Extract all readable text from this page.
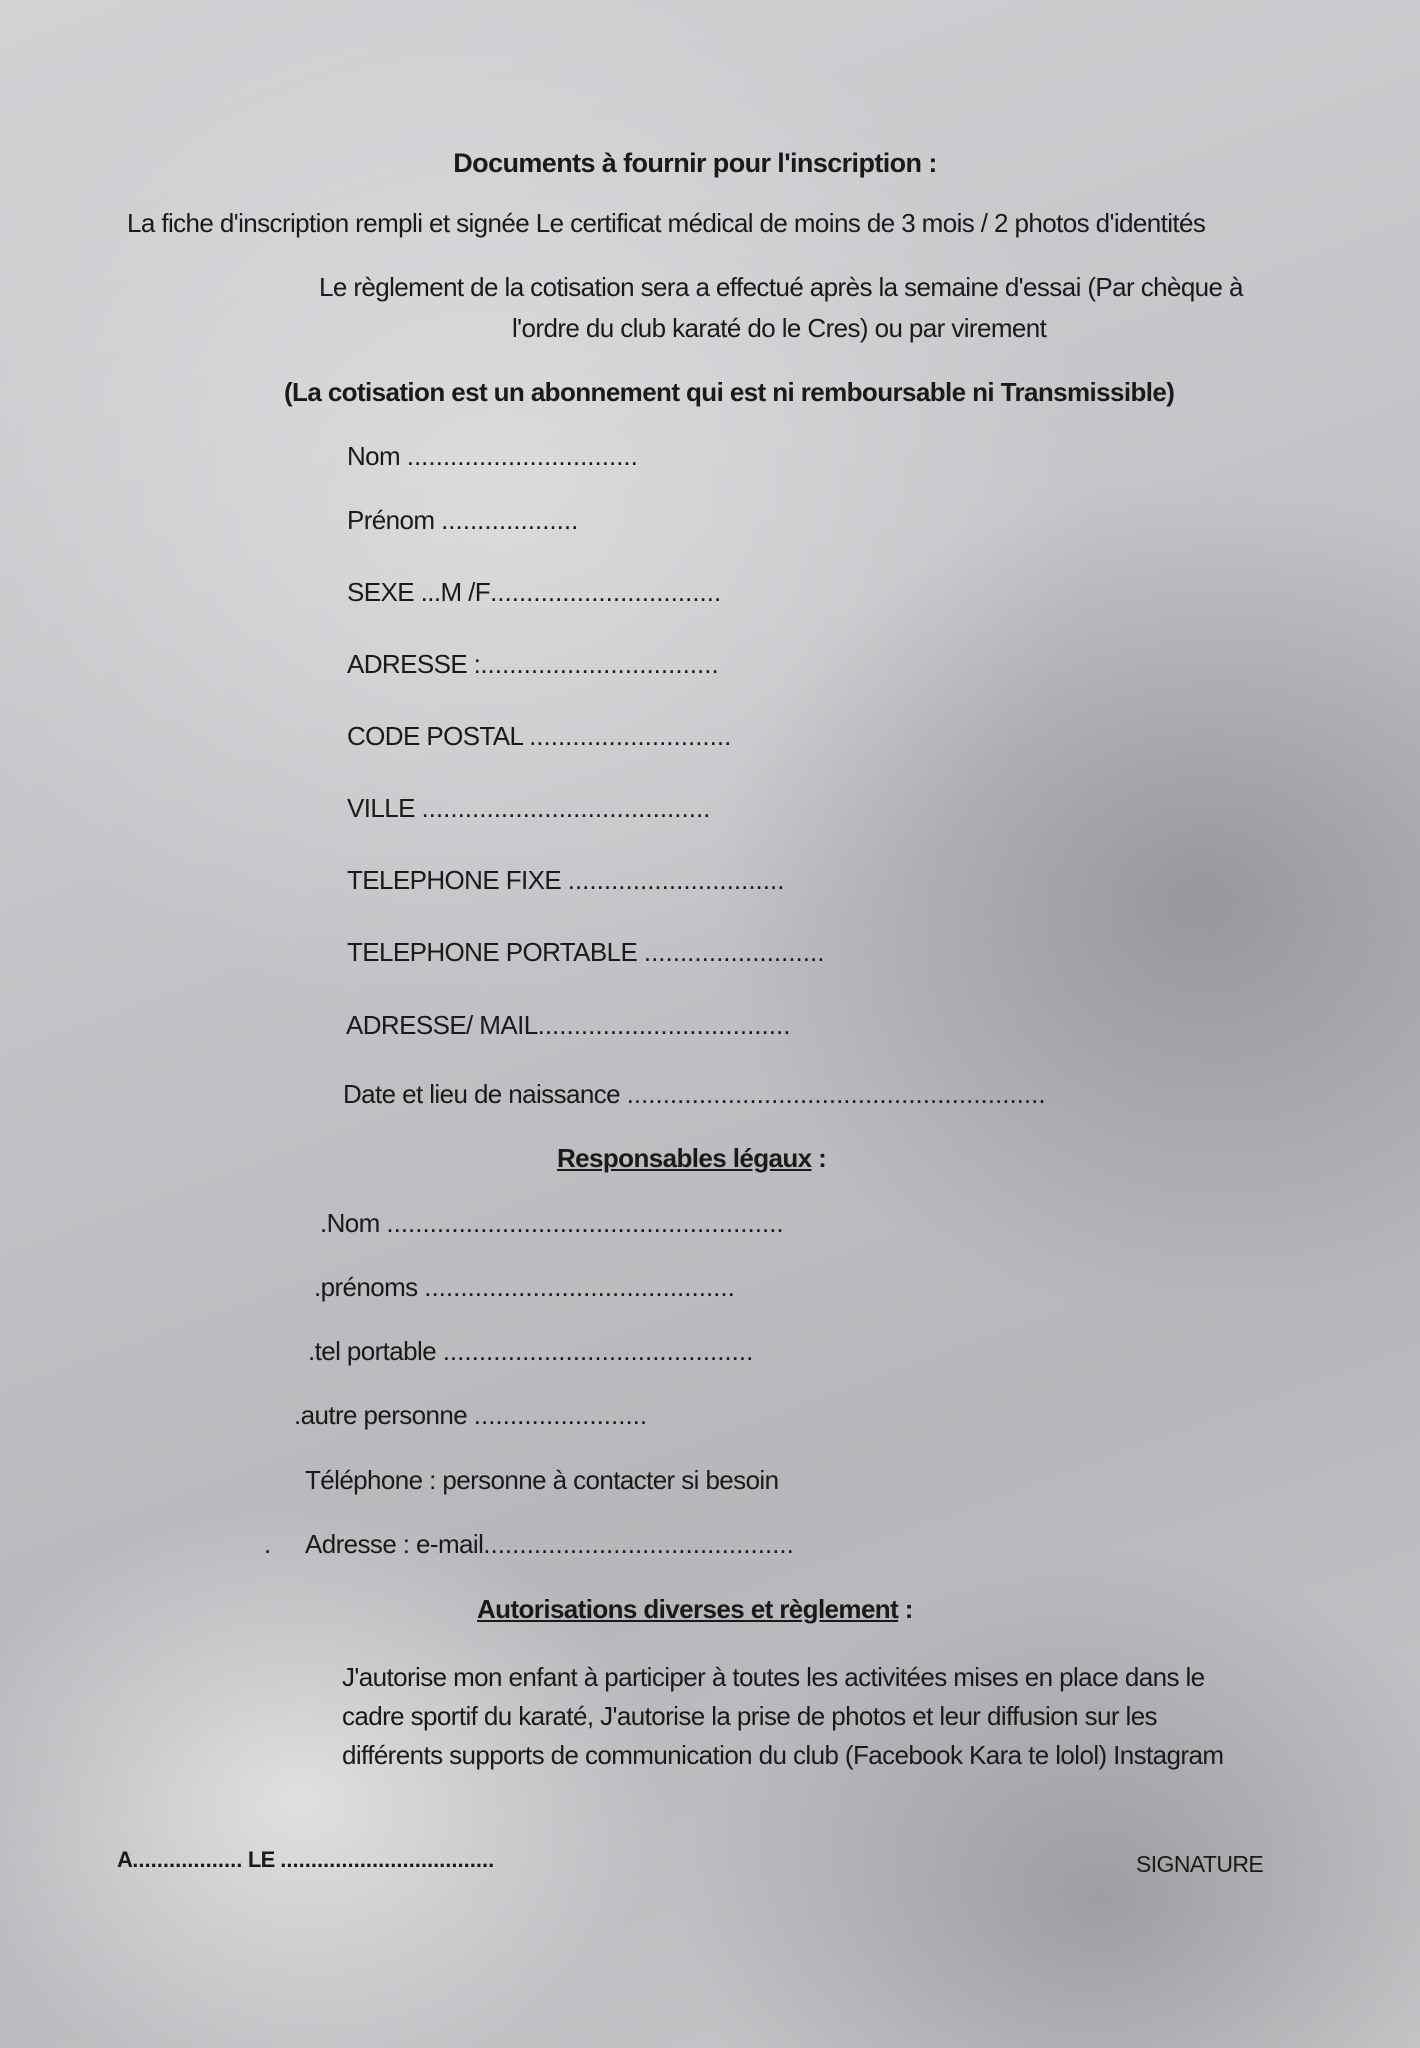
Documents à fournir pour l'inscription :
La fiche d'inscription rempli et signée Le certificat médical de moins de 3 mois / 2 photos d'identités
Le règlement de la cotisation sera a effectué après la semaine d'essai (Par chèque à
l'ordre du club karaté do le Cres) ou par virement
(La cotisation est un abonnement qui est ni remboursable ni Transmissible)
Nom ................................
Prénom ...................
SEXE ...M /F................................
ADRESSE :.................................
CODE POSTAL ............................
VILLE ........................................
TELEPHONE FIXE ..............................
TELEPHONE PORTABLE .........................
ADRESSE/ MAIL...................................
Date et lieu de naissance ..........................................................
Responsables légaux :
.Nom .......................................................
.prénoms ...........................................
.tel portable ...........................................
.autre personne ........................
Téléphone : personne à contacter si besoin
. Adresse : e-mail...........................................
Autorisations diverses et règlement :
J'autorise mon enfant à participer à toutes les activitées mises en place dans le
cadre sportif du karaté, J'autorise la prise de photos et leur diffusion sur les
différents supports de communication du club (Facebook Kara te lolol) Instagram
A.................. LE ...................................	SIGNATURE
